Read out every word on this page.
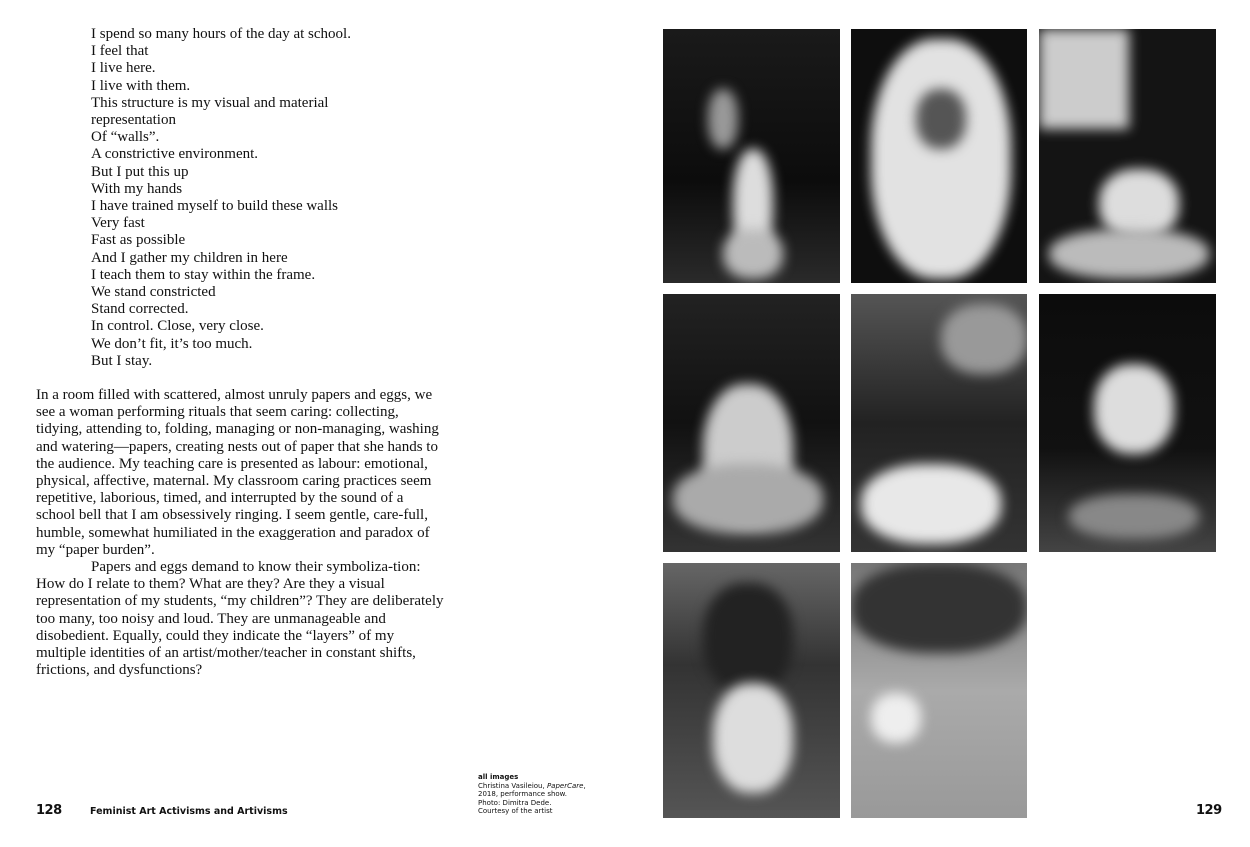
I spend so many hours of the day at school.
I feel that
I live here.
I live with them.
This structure is my visual and material
representation
Of “walls”.
A constrictive environment.
But I put this up
With my hands
I have trained myself to build these walls
Very fast
Fast as possible
And I gather my children in here
I teach them to stay within the frame.
We stand constricted
Stand corrected.
In control. Close, very close.
We don’t fit, it’s too much.
But I stay.

In a room filled with scattered, almost unruly papers and eggs, we see a woman performing rituals that seem caring: collecting, tidying, attending to, folding, managing or non-managing, washing and watering—papers, creating nests out of paper that she hands to the audience. My teaching care is presented as labour: emotional, physical, affective, maternal. My classroom caring practices seem repetitive, laborious, timed, and interrupted by the sound of a school bell that I am obsessively ringing. I seem gentle, care-full, humble, somewhat humiliated in the exaggeration and paradox of my “paper burden”.

Papers and eggs demand to know their symboliza-tion: How do I relate to them? What are they? Are they a visual representation of my students, “my children”? They are deliberately too many, too noisy and loud. They are unmanageable and disobedient. Equally, could they indicate the “layers” of my multiple identities of an artist/mother/teacher in constant shifts, frictions, and dysfunctions?

128	Feminist Art Activisms and Artivisms
all images
Christina Vasileiou, PaperCare,
2018, performance show.
Photo: Dimitra Dede.
Courtesy of the artist	129
